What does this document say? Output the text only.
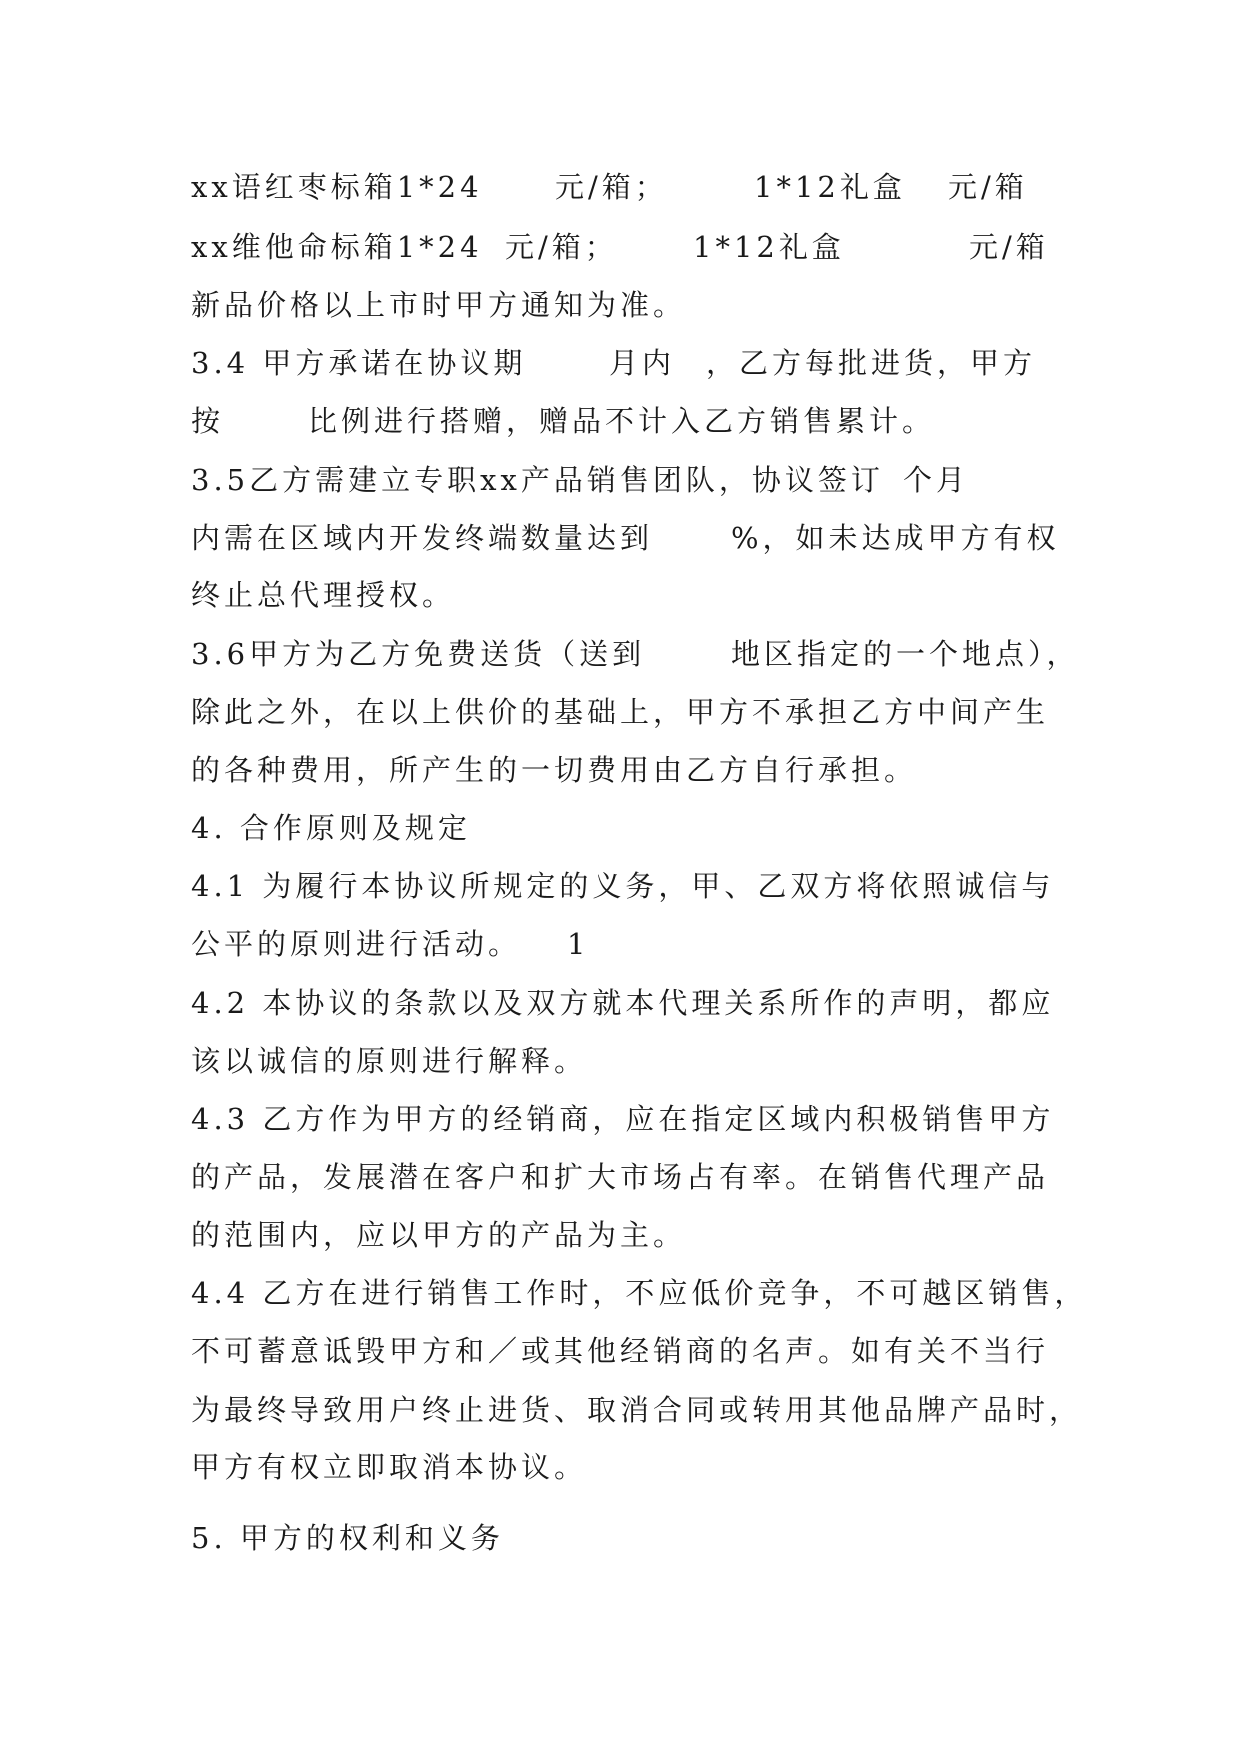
xx语红枣标箱1*24

元/箱；

	1*12礼盒

元/箱

xx维他命标箱1*24

元/箱；

	1*12礼盒

	元/箱

新品价格以上市时甲方通知为准。

3.4 甲方承诺在协议期

	月内

，乙方每批进货，甲方

按

	比例进行搭赠，赠品不计入乙方销售累计。

3.5乙方需建立专职xx产品销售团队，协议签订

个月

内需在区域内开发终端数量达到

	%，如未达成甲方有权

终止总代理授权。

3.6甲方为乙方免费送货（送到

	地区指定的一个地点），

除此之外，在以上供价的基础上，甲方不承担乙方中间产生

的各种费用，所产生的一切费用由乙方自行承担。

4. 合作原则及规定

4.1 为履行本协议所规定的义务，甲、乙双方将依照诚信与

公平的原则进行活动。

1

4.2 本协议的条款以及双方就本代理关系所作的声明，都应

该以诚信的原则进行解释。

4.3 乙方作为甲方的经销商，应在指定区域内积极销售甲方

的产品，发展潜在客户和扩大市场占有率。在销售代理产品

的范围内，应以甲方的产品为主。

4.4 乙方在进行销售工作时，不应低价竞争，不可越区销售，

不可蓄意诋毁甲方和／或其他经销商的名声。如有关不当行

为最终导致用户终止进货、取消合同或转用其他品牌产品时，

甲方有权立即取消本协议。

5. 甲方的权利和义务
